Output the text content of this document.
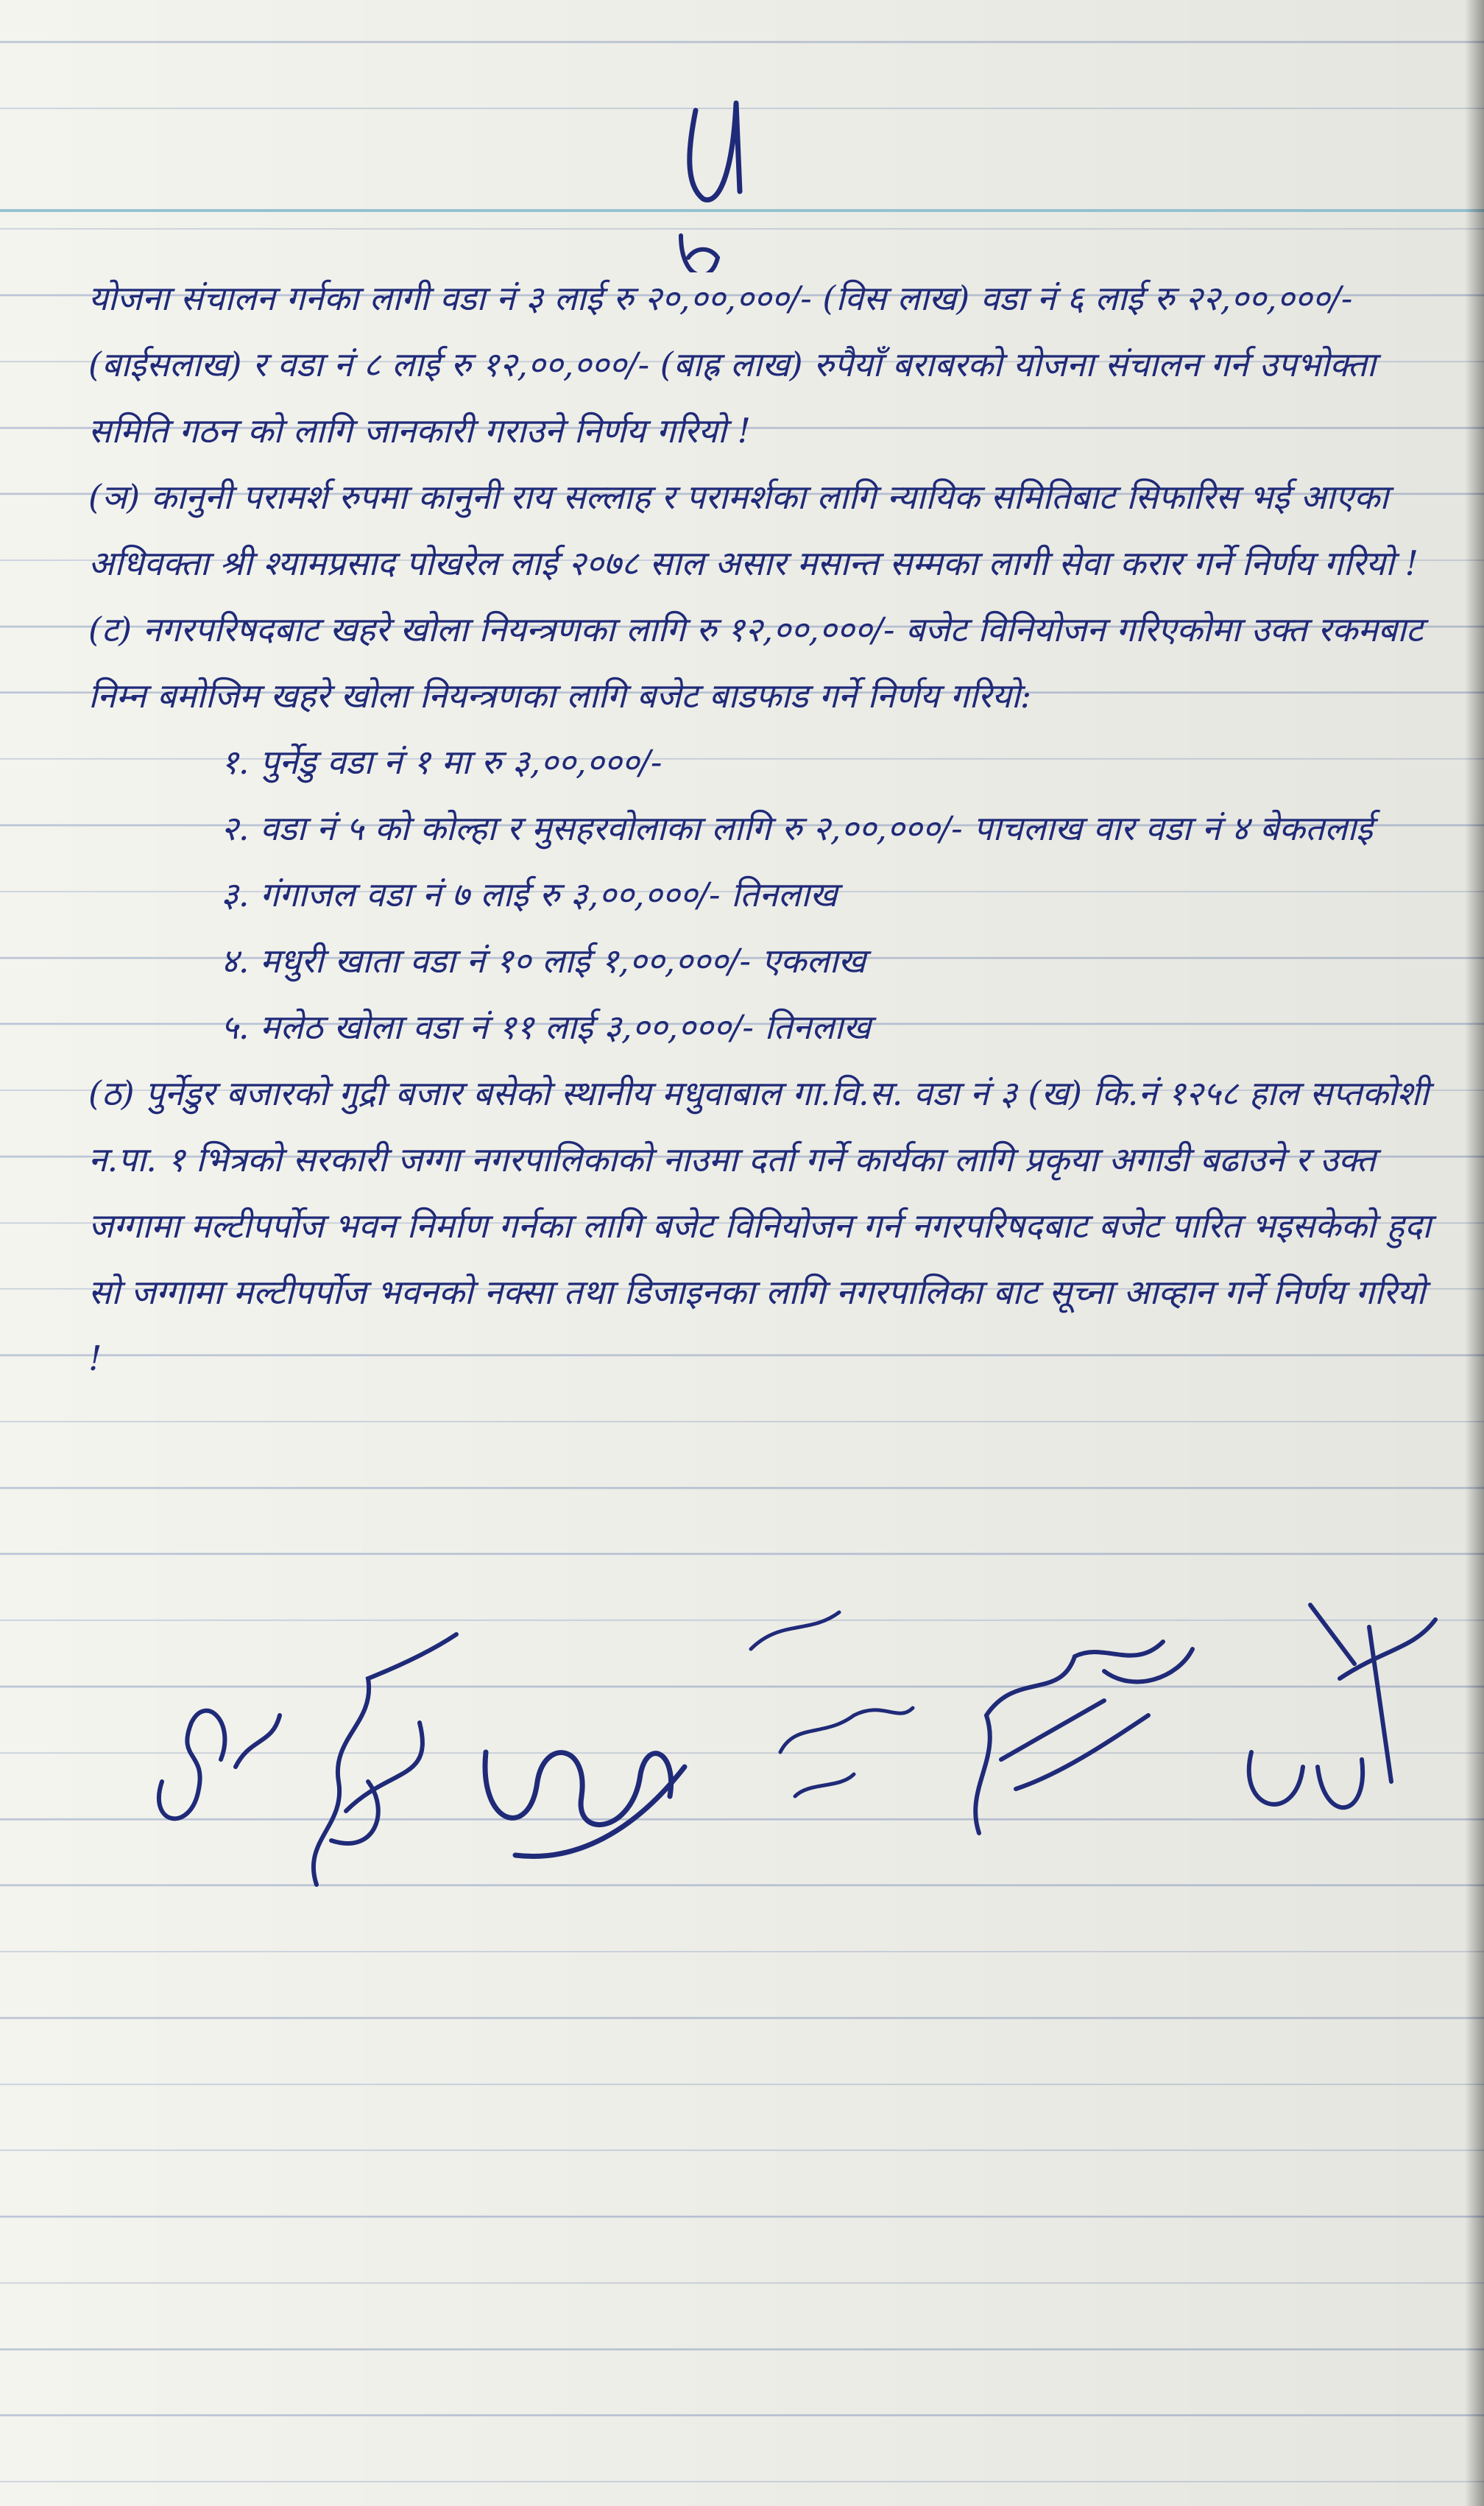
योजना संचालन गर्नका लागी वडा नं ३ लाई रु २०,००,०००/- (विस लाख) वडा नं ६ लाई रु २२,००,०००/- (बाईसलाख) र वडा नं ८ लाई रु १२,००,०००/- (बाह्र लाख) रुपैयाँ बराबरको योजना संचालन गर्न उपभोक्ता समिति गठन को लागि जानकारी गराउने निर्णय गरियो !

(ञ) कानुनी परामर्श रुपमा कानुनी राय सल्लाह र परामर्शका लागि न्यायिक समितिबाट सिफारिस भई आएका अधिवक्ता श्री श्यामप्रसाद पोखरेल लाई २०७८ साल असार मसान्त सम्मका लागी सेवा करार गर्ने निर्णय गरियो !

(ट) नगरपरिषदबाट खहरे खोला नियन्त्रणका लागि रु १२,००,०००/- बजेट विनियोजन गरिएकोमा उक्त रकमबाट निम्न बमोजिम खहरे खोला नियन्त्रणका लागि बजेट बाडफाड गर्ने निर्णय गरियो:

१. पुर्नेडु वडा नं १ मा रु ३,००,०००/-

२. वडा नं ५ को कोल्हा र मुसहरवोलाका लागि रु २,००,०००/- पाचलाख वार वडा नं ४ बेकतलाई

३. गंगाजल वडा नं ७ लाई रु ३,००,०००/- तिनलाख

४. मधुरी खाता वडा नं १० लाई १,००,०००/- एकलाख

५. मलेठ खोला वडा नं ११ लाई ३,००,०००/- तिनलाख

(ठ) पुर्नेडुर बजारको गुद्री बजार बसेको स्थानीय मधुवाबाल गा.वि.स. वडा नं ३ (ख) कि.नं १२५८ हाल सप्तकोशी न.पा. १ भित्रको सरकारी जग्गा नगरपालिकाको नाउमा दर्ता गर्ने कार्यका लागि प्रकृया अगाडी बढाउने र उक्त जग्गामा मल्टीपर्पोज भवन निर्माण गर्नका लागि बजेट विनियोजन गर्न नगरपरिषदबाट बजेट पारित भइसकेको हुदा सो जग्गामा मल्टीपर्पोज भवनको नक्सा तथा डिजाइनका लागि नगरपालिका बाट सूच्ना आव्हान गर्ने निर्णय गरियो !
